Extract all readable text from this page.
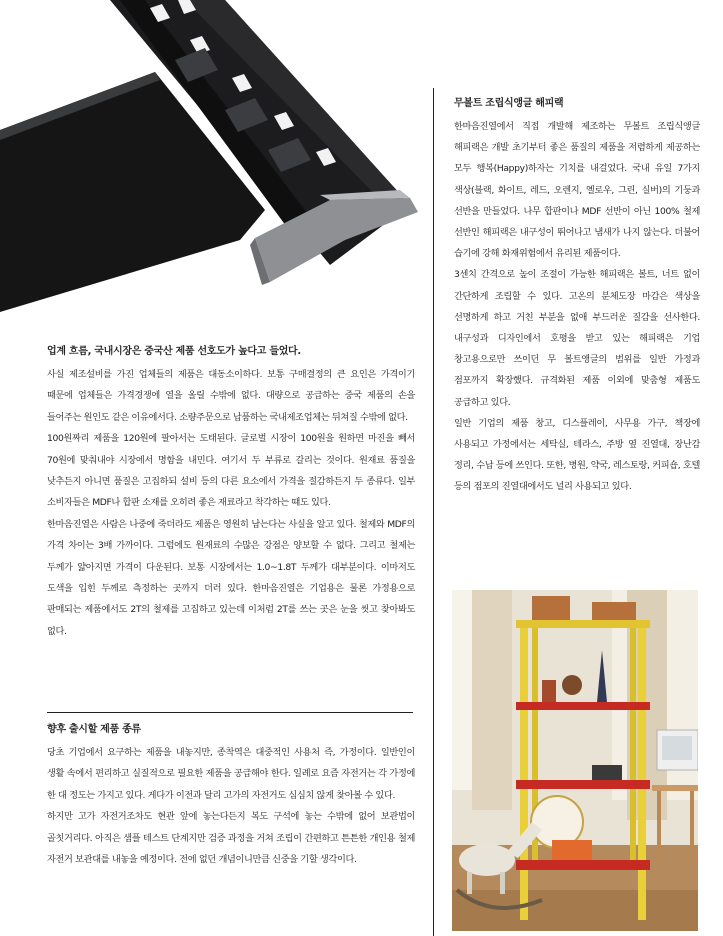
무볼트 조립식앵글 해피랙

한마음진열에서 직접 개발해 제조하는 무볼트 조립식앵글 해피랙은 개발 초기부터 좋은 품질의 제품을 저렴하게 제공하는 모두 행복(Happy)하자는 기치를 내걸었다. 국내 유일 7가지 색상(블랙, 화이트, 레드, 오렌지, 옐로우, 그린, 실버)의 기둥과 선반을 만들었다. 나무 합판이나 MDF 선반이 아닌 100% 철제 선반인 해피랙은 내구성이 뛰어나고 냄새가 나지 않는다. 더불어 습기에 강해 화재위험에서 유리된 제품이다.

3센치 간격으로 높이 조절이 가능한 해피랙은 볼트, 너트 없이 간단하게 조립할 수 있다. 고온의 분체도장 마감은 색상을 선명하게 하고 거친 부분을 없애 부드러운 질감을 선사한다. 내구성과 디자인에서 호평을 받고 있는 해피랙은 기업 창고용으로만 쓰이던 무 볼트앵글의 범위를 일반 가정과 점포까지 확장했다. 규격화된 제품 이외에 맞춤형 제품도 공급하고 있다.

일반 기업의 제품 창고, 디스플레이, 사무용 가구, 책장에 사용되고 가정에서는 세탁실, 테라스, 주방 옆 진열대, 장난감 정리, 수납 등에 쓰인다. 또한, 병원, 약국, 레스토랑, 커피숍, 호텔 등의 점포의 진열대에서도 널리 사용되고 있다.

업계 흐름, 국내시장은 중국산 제품 선호도가 높다고 들었다.

사실 제조설비를 가진 업체들의 제품은 대동소이하다. 보통 구매결정의 큰 요인은 가격이기 때문에 업체들은 가격경쟁에 열을 올릴 수밖에 없다. 대량으로 공급하는 중국 제품의 손을 들어주는 원인도 같은 이유에서다. 소량주문으로 납품하는 국내제조업체는 뒤쳐질 수밖에 없다.

100원짜리 제품을 120원에 팔아서는 도태된다. 글로벌 시장이 100원을 원하면 마진을 빼서 70원에 맞춰내야 시장에서 명함을 내민다. 여기서 두 부류로 갈리는 것이다. 원재료 품질을 낮추든지 아니면 품질은 고집하되 설비 등의 다른 요소에서 가격을 절감하든지 두 종류다. 일부 소비자들은 MDF나 합판 소재를 오히려 좋은 재료라고 착각하는 때도 있다.

한마음진열은 사람은 나중에 죽더라도 제품은 영원히 남는다는 사실을 알고 있다. 철제와 MDF의 가격 차이는 3배 가까이다. 그럼에도 원재료의 수많은 강점은 양보할 수 없다. 그리고 철제는 두께가 얇아지면 가격이 다운된다. 보통 시장에서는 1.0~1.8T 두께가 대부분이다. 이마저도 도색을 입힌 두께로 측정하는 곳까지 더러 있다. 한마음진열은 기업용은 물론 가정용으로 판매되는 제품에서도 2T의 철제를 고집하고 있는데 이처럼 2T를 쓰는 곳은 눈을 씻고 찾아봐도 없다.

향후 출시할 제품 종류

당초 기업에서 요구하는 제품을 내놓지만, 종착역은 대중적인 사용처 즉, 가정이다. 일반인이 생활 속에서 편리하고 실질적으로 필요한 제품을 공급해야 한다. 일례로 요즘 자전거는 각 가정에 한 대 정도는 가지고 있다. 게다가 이전과 달리 고가의 자전거도 심심치 않게 찾아볼 수 있다.

하지만 고가 자전거조차도 현관 앞에 놓는다든지 복도 구석에 놓는 수밖에 없어 보관법이 골칫거리다. 아직은 샘플 테스트 단계지만 검증 과정을 거쳐 조립이 간편하고 튼튼한 개인용 철제 자전거 보관대를 내놓을 예정이다. 전에 없던 개념이니만큼 신중을 기할 생각이다.
